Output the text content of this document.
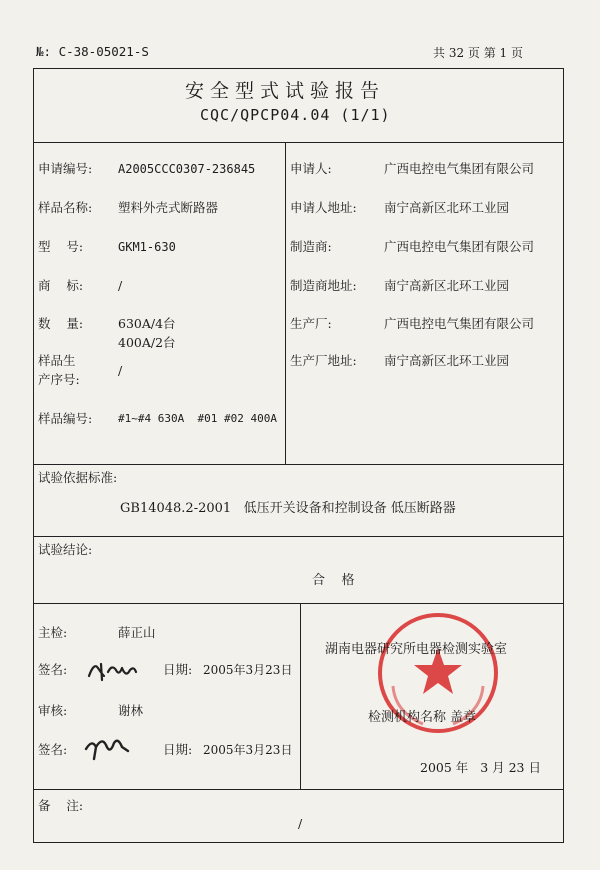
№: C-38-05021-S	共 32 页 第 1 页
安全型式试验报告
CQC/QPCP04.04 (1/1)
申请编号: A2005CCC0307-236845
样品名称: 塑料外壳式断路器
型    号:	GKM1-630
商    标:	/
数    量:	630A/4台
400A/2台
样品生
产序号:
/
样品编号: #1~#4 630A  #01 #02 400A
申请人:	广西电控电气集团有限公司
申请人地址: 南宁高新区北环工业园
制造商:	广西电控电气集团有限公司
制造商地址: 南宁高新区北环工业园
生产厂:	广西电控电气集团有限公司
生产厂地址: 南宁高新区北环工业园
试验依据标准:
GB14048.2-2001   低压开关设备和控制设备 低压断路器
试验结论:
合    格
主检:	薛正山
签名:	日期: 2005年3月23日
审核:	谢林
签名:	日期: 2005年3月23日
湖南电器研究所电器检测实验室
检测机构名称 盖章
2005 年   3 月 23 日
备    注:
/
